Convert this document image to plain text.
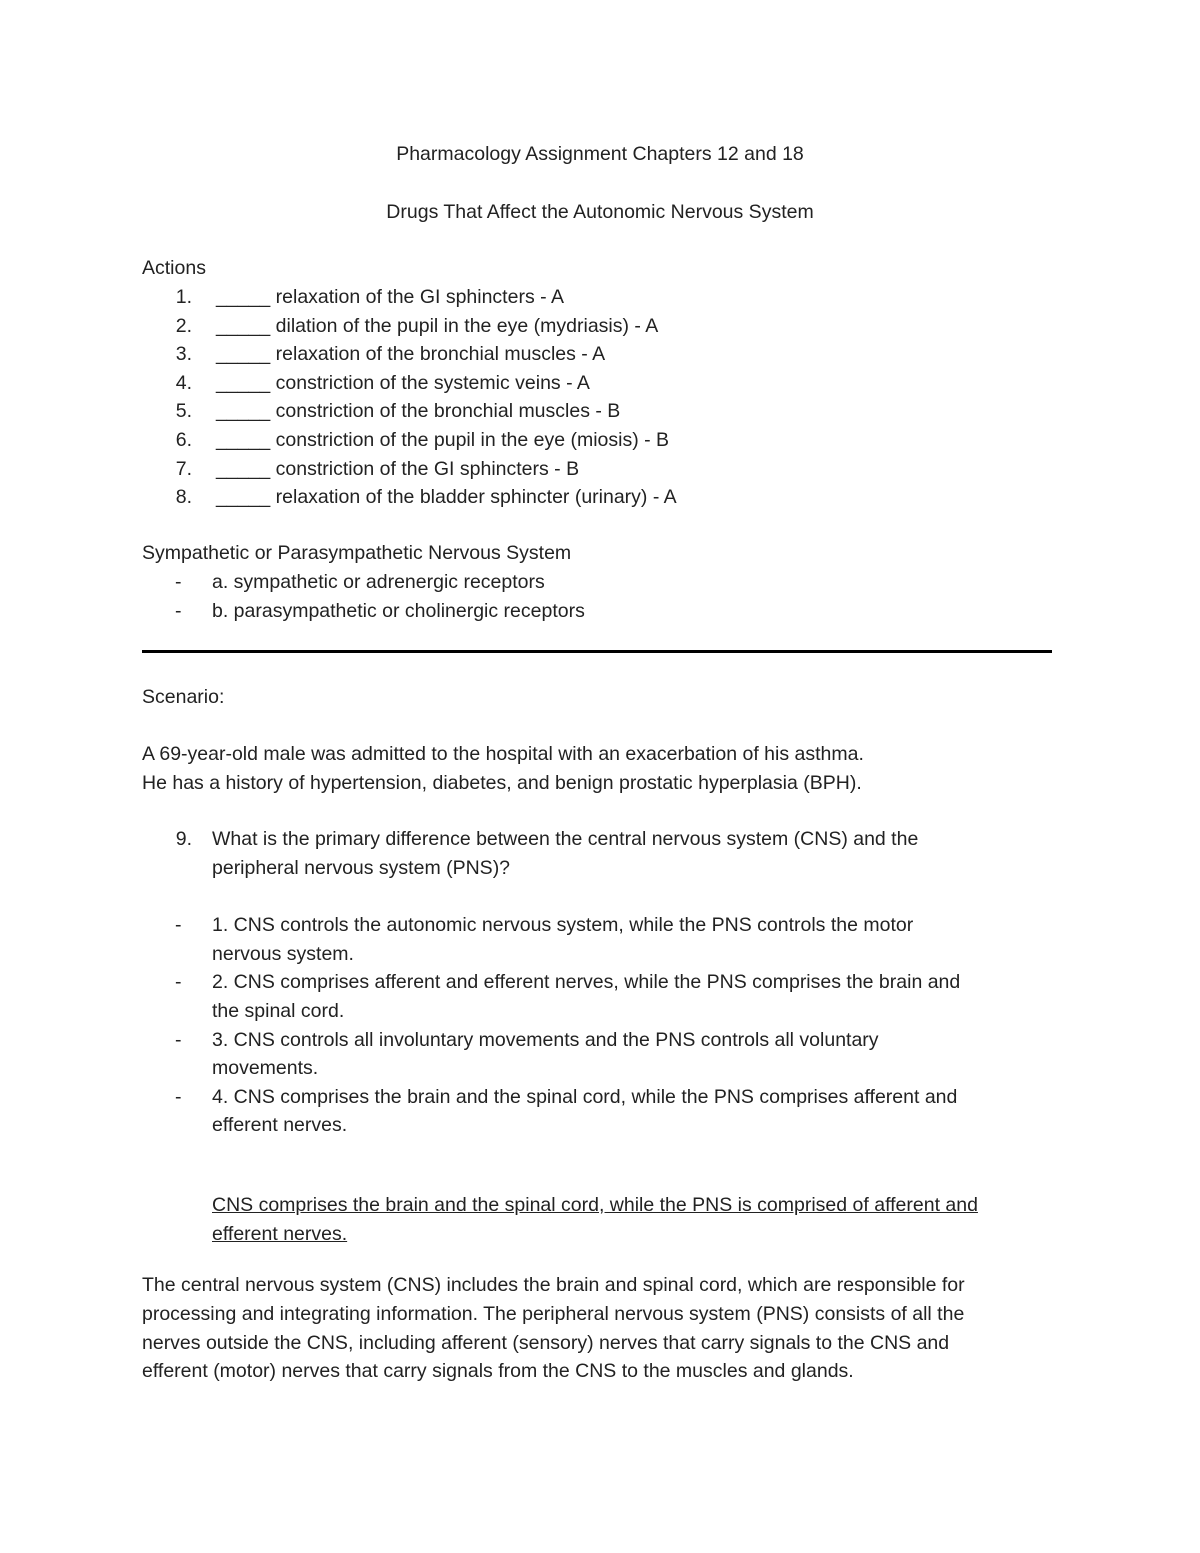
Pharmacology Assignment Chapters 12 and 18
Drugs That Affect the Autonomic Nervous System
Actions
1. _____ relaxation of the GI sphincters - A
2. _____ dilation of the pupil in the eye (mydriasis) - A
3. _____ relaxation of the bronchial muscles - A
4. _____ constriction of the systemic veins - A
5. _____ constriction of the bronchial muscles - B
6. _____ constriction of the pupil in the eye (miosis) - B
7. _____ constriction of the GI sphincters - B
8. _____ relaxation of the bladder sphincter (urinary) - A
Sympathetic or Parasympathetic Nervous System
- a. sympathetic or adrenergic receptors
- b. parasympathetic or cholinergic receptors
Scenario:
A 69-year-old male was admitted to the hospital with an exacerbation of his asthma.
He has a history of hypertension, diabetes, and benign prostatic hyperplasia (BPH).
9. What is the primary difference between the central nervous system (CNS) and the
peripheral nervous system (PNS)?
- 1. CNS controls the autonomic nervous system, while the PNS controls the motor
nervous system.
- 2. CNS comprises afferent and efferent nerves, while the PNS comprises the brain and
the spinal cord.
- 3. CNS controls all involuntary movements and the PNS controls all voluntary
movements.
- 4. CNS comprises the brain and the spinal cord, while the PNS comprises afferent and
efferent nerves.
CNS comprises the brain and the spinal cord, while the PNS is comprised of afferent and
efferent nerves.
The central nervous system (CNS) includes the brain and spinal cord, which are responsible for
processing and integrating information. The peripheral nervous system (PNS) consists of all the
nerves outside the CNS, including afferent (sensory) nerves that carry signals to the CNS and
efferent (motor) nerves that carry signals from the CNS to the muscles and glands.
